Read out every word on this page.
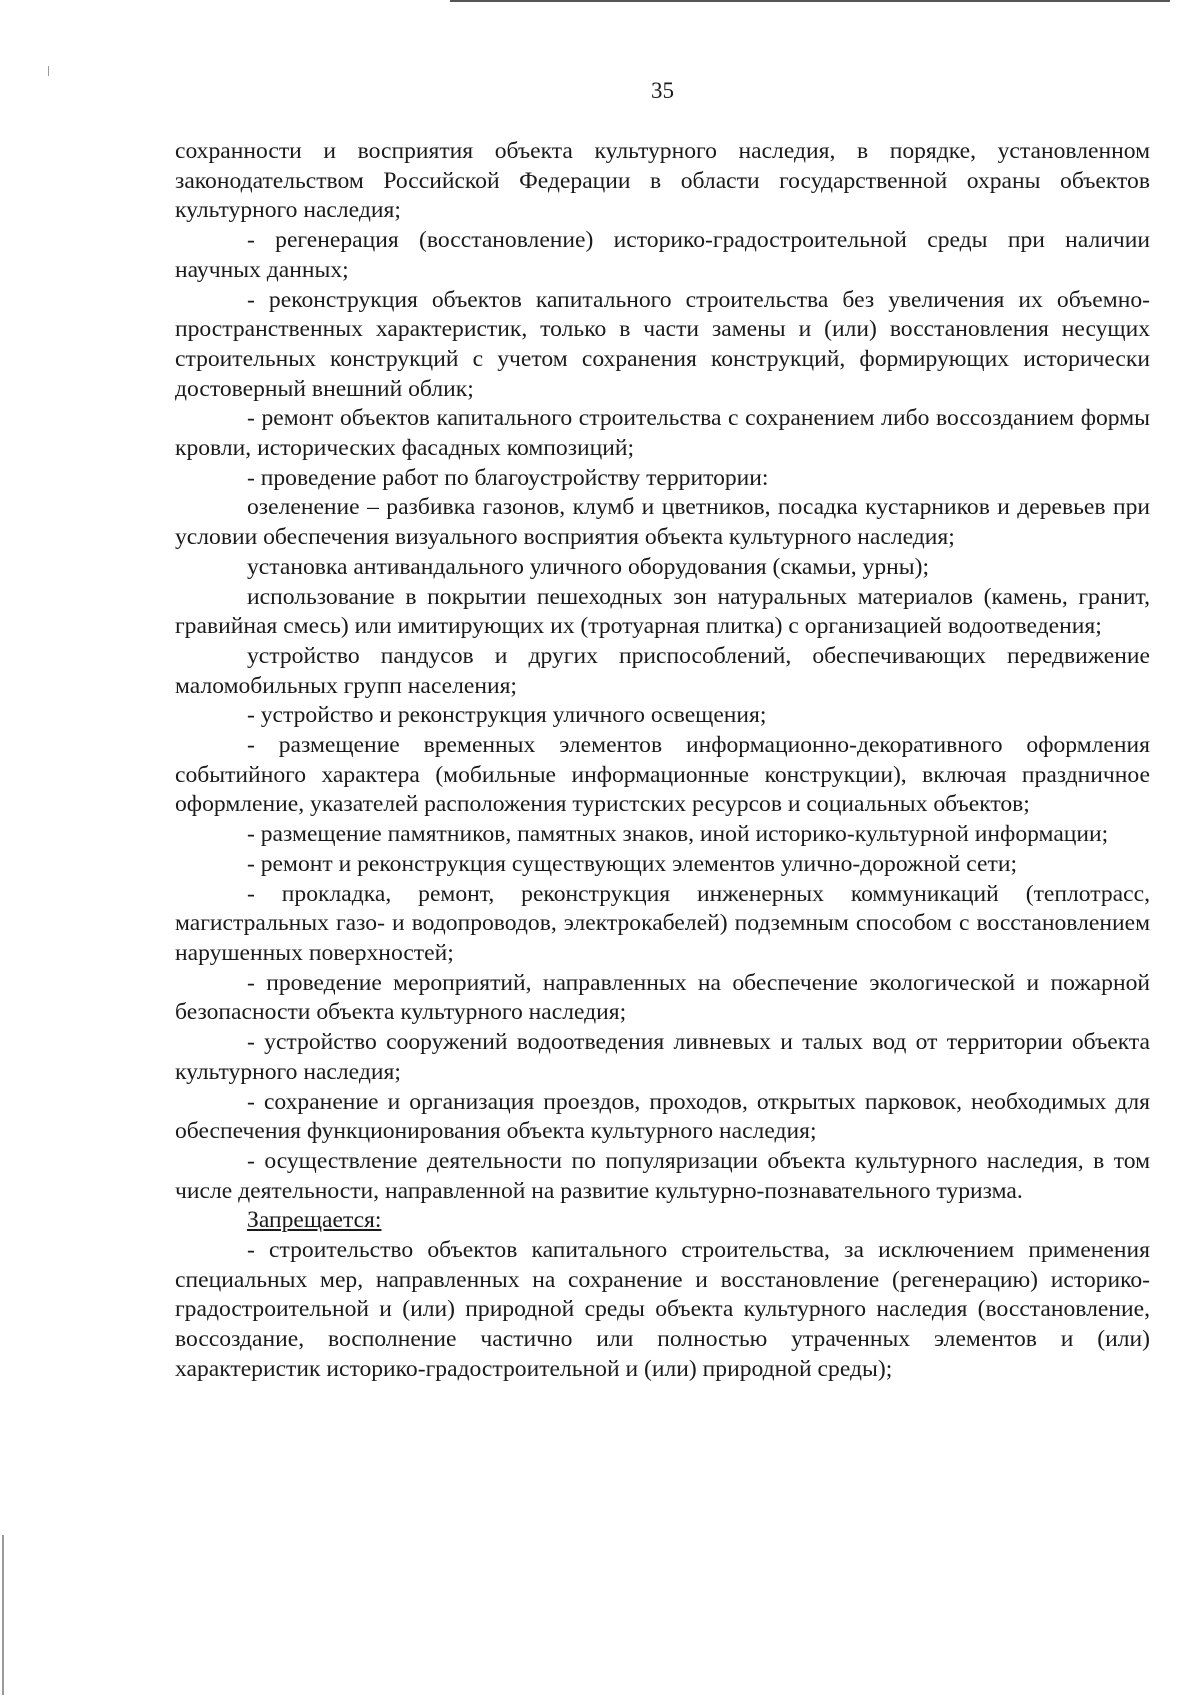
35

сохранности и восприятия объекта культурного наследия, в порядке, установленном законодательством Российской Федерации в области государственной охраны объектов культурного наследия;

- регенерация (восстановление) историко-градостроительной среды при наличии научных данных;

- реконструкция объектов капитального строительства без увеличения их объемно-пространственных характеристик, только в части замены и (или) восстановления несущих строительных конструкций с учетом сохранения конструкций, формирующих исторически достоверный внешний облик;

- ремонт объектов капитального строительства с сохранением либо воссозданием формы кровли, исторических фасадных композиций;

- проведение работ по благоустройству территории:

озеленение – разбивка газонов, клумб и цветников, посадка кустарников и деревьев при условии обеспечения визуального восприятия объекта культурного наследия;

установка антивандального уличного оборудования (скамьи, урны);

использование в покрытии пешеходных зон натуральных материалов (камень, гранит, гравийная смесь) или имитирующих их (тротуарная плитка) с организацией водоотведения;

устройство пандусов и других приспособлений, обеспечивающих передвижение маломобильных групп населения;

- устройство и реконструкция уличного освещения;

- размещение временных элементов информационно-декоративного оформления событийного характера (мобильные информационные конструкции), включая праздничное оформление, указателей расположения туристских ресурсов и социальных объектов;

- размещение памятников, памятных знаков, иной историко-культурной информации;

- ремонт и реконструкция существующих элементов улично-дорожной сети;

- прокладка, ремонт, реконструкция инженерных коммуникаций (теплотрасс, магистральных газо- и водопроводов, электрокабелей) подземным способом с восстановлением нарушенных поверхностей;

- проведение мероприятий, направленных на обеспечение экологической и пожарной безопасности объекта культурного наследия;

- устройство сооружений водоотведения ливневых и талых вод от территории объекта культурного наследия;

- сохранение и организация проездов, проходов, открытых парковок, необходимых для обеспечения функционирования объекта культурного наследия;

- осуществление деятельности по популяризации объекта культурного наследия, в том числе деятельности, направленной на развитие культурно-познавательного туризма.

Запрещается:

- строительство объектов капитального строительства, за исключением применения специальных мер, направленных на сохранение и восстановление (регенерацию) историко-градостроительной и (или) природной среды объекта культурного наследия (восстановление, воссоздание, восполнение частично или полностью утраченных элементов и (или) характеристик историко-градостроительной и (или) природной среды);
